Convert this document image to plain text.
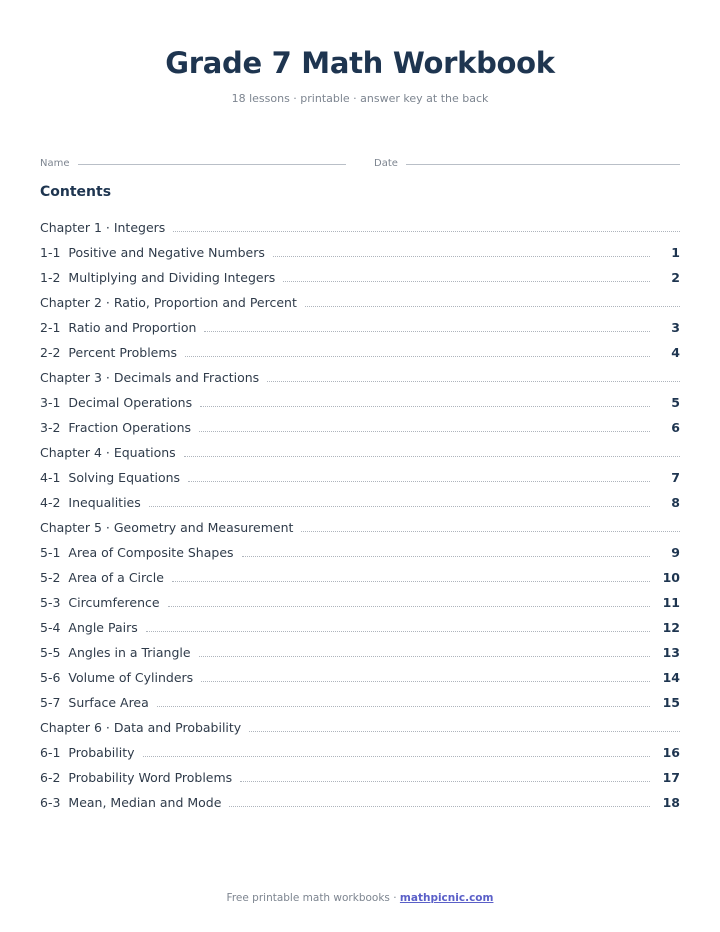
Grade 7 Math Workbook
18 lessons · printable · answer key at the back
Name	Date
Contents
Chapter 1 · Integers
1-1 Positive and Negative Numbers	1
1-2 Multiplying and Dividing Integers	2
Chapter 2 · Ratio, Proportion and Percent
2-1 Ratio and Proportion	3
2-2 Percent Problems	4
Chapter 3 · Decimals and Fractions
3-1 Decimal Operations	5
3-2 Fraction Operations	6
Chapter 4 · Equations
4-1 Solving Equations	7
4-2 Inequalities	8
Chapter 5 · Geometry and Measurement
5-1 Area of Composite Shapes	9
5-2 Area of a Circle	10
5-3 Circumference	11
5-4 Angle Pairs	12
5-5 Angles in a Triangle	13
5-6 Volume of Cylinders	14
5-7 Surface Area	15
Chapter 6 · Data and Probability
6-1 Probability	16
6-2 Probability Word Problems	17
6-3 Mean, Median and Mode	18
Free printable math workbooks · mathpicnic.com
